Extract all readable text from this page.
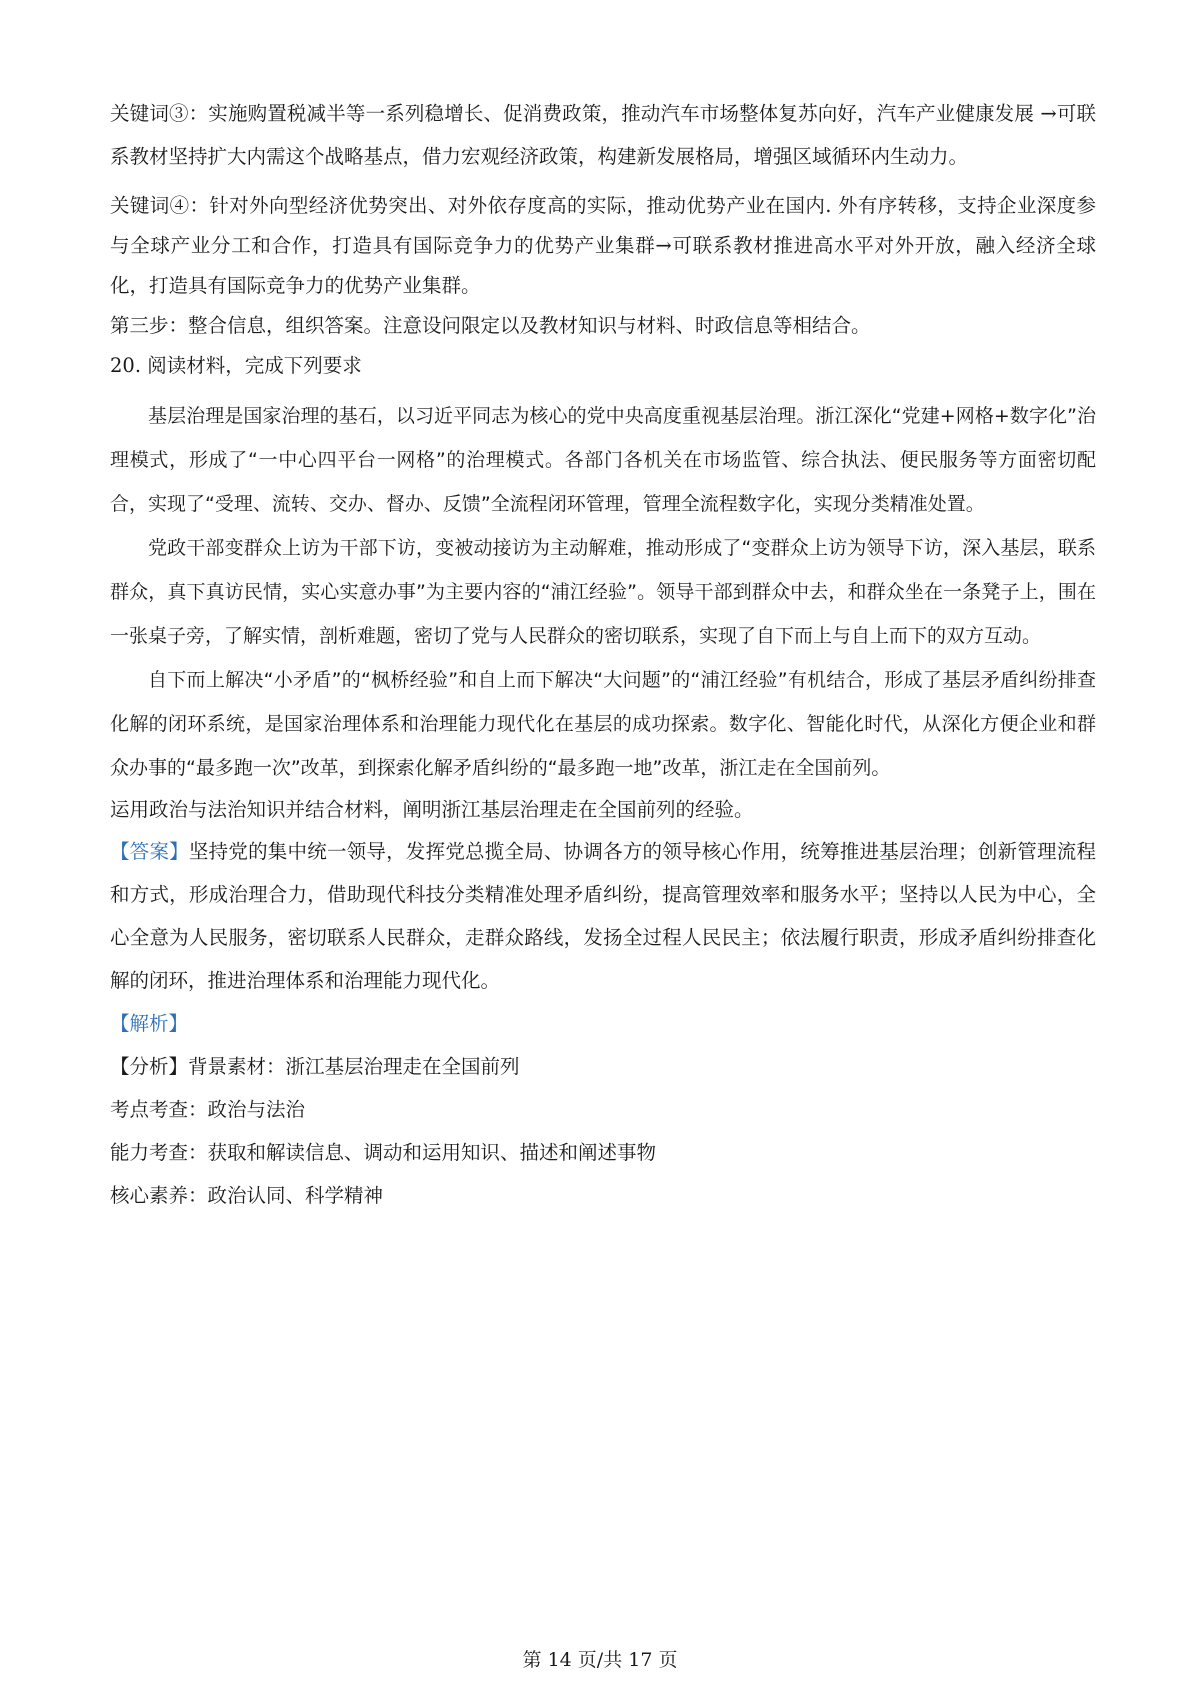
关键词③：实施购置税减半等一系列稳增长、促消费政策，推动汽车市场整体复苏向好，汽车产业健康发展 →可联系教材坚持扩大内需这个战略基点，借力宏观经济政策，构建新发展格局，增强区域循环内生动力。

关键词④：针对外向型经济优势突出、对外依存度高的实际，推动优势产业在国内. 外有序转移，支持企业深度参与全球产业分工和合作，打造具有国际竞争力的优势产业集群→可联系教材推进高水平对外开放，融入经济全球化，打造具有国际竞争力的优势产业集群。

第三步：整合信息，组织答案。注意设问限定以及教材知识与材料、时政信息等相结合。

20. 阅读材料，完成下列要求

基层治理是国家治理的基石，以习近平同志为核心的党中央高度重视基层治理。浙江深化“党建+网格+数字化”治理模式，形成了“一中心四平台一网格”的治理模式。各部门各机关在市场监管、综合执法、便民服务等方面密切配合，实现了“受理、流转、交办、督办、反馈”全流程闭环管理，管理全流程数字化，实现分类精准处置。

党政干部变群众上访为干部下访，变被动接访为主动解难，推动形成了“变群众上访为领导下访，深入基层，联系群众，真下真访民情，实心实意办事”为主要内容的“浦江经验”。领导干部到群众中去，和群众坐在一条凳子上，围在一张桌子旁，了解实情，剖析难题，密切了党与人民群众的密切联系，实现了自下而上与自上而下的双方互动。

自下而上解决“小矛盾”的“枫桥经验”和自上而下解决“大问题”的“浦江经验”有机结合，形成了基层矛盾纠纷排查化解的闭环系统，是国家治理体系和治理能力现代化在基层的成功探索。数字化、智能化时代，从深化方便企业和群众办事的“最多跑一次”改革，到探索化解矛盾纠纷的“最多跑一地”改革，浙江走在全国前列。

运用政治与法治知识并结合材料，阐明浙江基层治理走在全国前列的经验。

【答案】坚持党的集中统一领导，发挥党总揽全局、协调各方的领导核心作用，统筹推进基层治理；创新管理流程和方式，形成治理合力，借助现代科技分类精准处理矛盾纠纷，提高管理效率和服务水平；坚持以人民为中心，全心全意为人民服务，密切联系人民群众，走群众路线，发扬全过程人民民主；依法履行职责，形成矛盾纠纷排查化解的闭环，推进治理体系和治理能力现代化。

【解析】

【分析】背景素材：浙江基层治理走在全国前列

考点考查：政治与法治

能力考查：获取和解读信息、调动和运用知识、描述和阐述事物

核心素养：政治认同、科学精神

第 14 页/共 17 页
